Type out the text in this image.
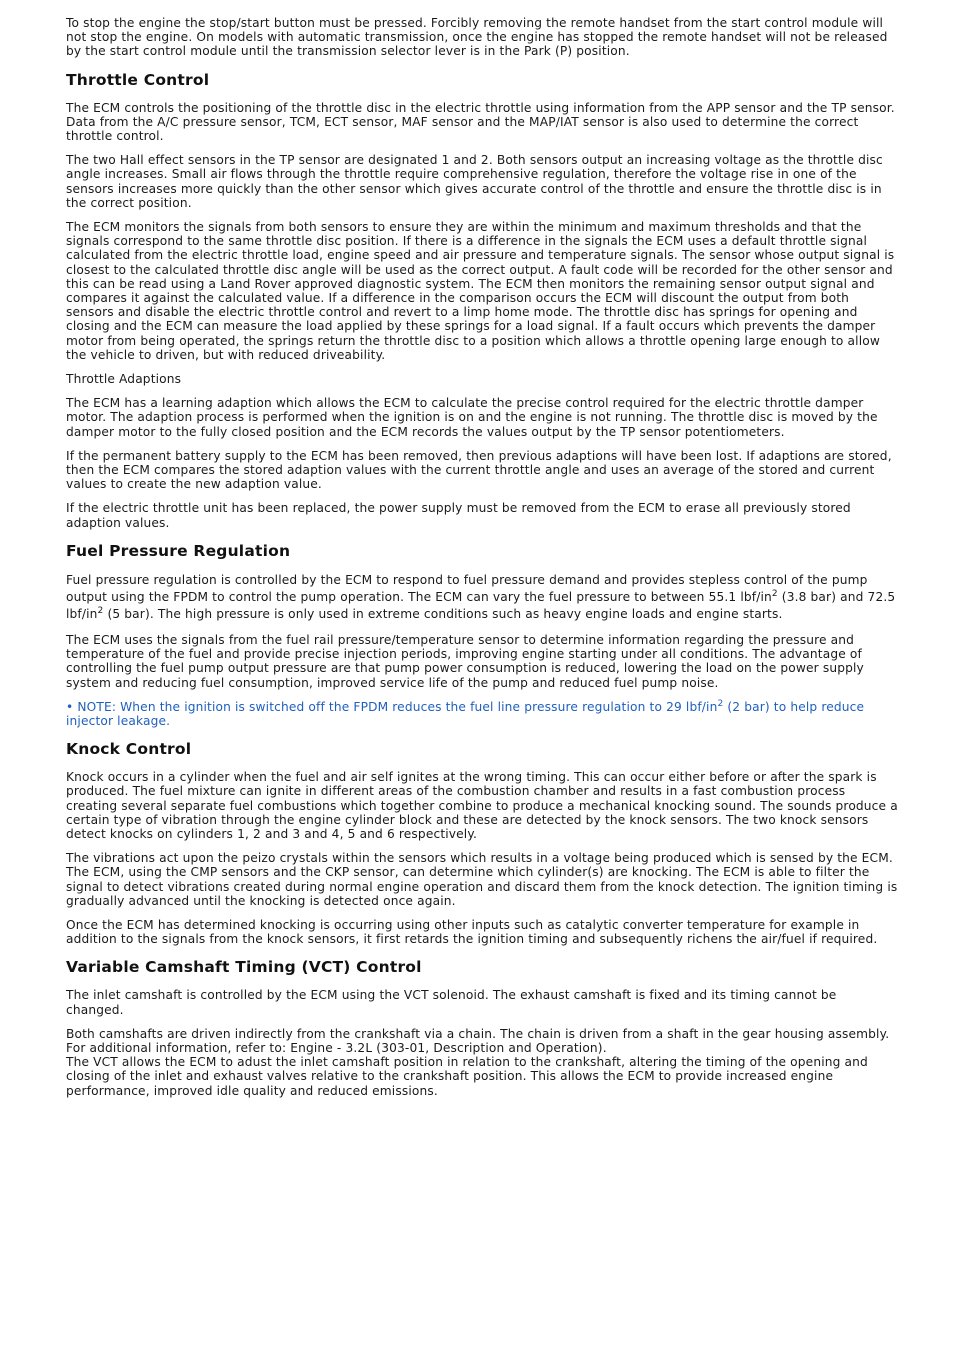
To stop the engine the stop/start button must be pressed. Forcibly removing the remote handset from the start control module will not stop the engine. On models with automatic transmission, once the engine has stopped the remote handset will not be released by the start control module until the transmission selector lever is in the Park (P) position.

Throttle Control

The ECM controls the positioning of the throttle disc in the electric throttle using information from the APP sensor and the TP sensor. Data from the A/C pressure sensor, TCM, ECT sensor, MAF sensor and the MAP/IAT sensor is also used to determine the correct throttle control.

The two Hall effect sensors in the TP sensor are designated 1 and 2. Both sensors output an increasing voltage as the throttle disc angle increases. Small air flows through the throttle require comprehensive regulation, therefore the voltage rise in one of the sensors increases more quickly than the other sensor which gives accurate control of the throttle and ensure the throttle disc is in the correct position.

The ECM monitors the signals from both sensors to ensure they are within the minimum and maximum thresholds and that the signals correspond to the same throttle disc position. If there is a difference in the signals the ECM uses a default throttle signal calculated from the electric throttle load, engine speed and air pressure and temperature signals. The sensor whose output signal is closest to the calculated throttle disc angle will be used as the correct output. A fault code will be recorded for the other sensor and this can be read using a Land Rover approved diagnostic system. The ECM then monitors the remaining sensor output signal and compares it against the calculated value. If a difference in the comparison occurs the ECM will discount the output from both sensors and disable the electric throttle control and revert to a limp home mode. The throttle disc has springs for opening and closing and the ECM can measure the load applied by these springs for a load signal. If a fault occurs which prevents the damper motor from being operated, the springs return the throttle disc to a position which allows a throttle opening large enough to allow the vehicle to driven, but with reduced driveability.

Throttle Adaptions

The ECM has a learning adaption which allows the ECM to calculate the precise control required for the electric throttle damper motor. The adaption process is performed when the ignition is on and the engine is not running. The throttle disc is moved by the damper motor to the fully closed position and the ECM records the values output by the TP sensor potentiometers.

If the permanent battery supply to the ECM has been removed, then previous adaptions will have been lost. If adaptions are stored, then the ECM compares the stored adaption values with the current throttle angle and uses an average of the stored and current values to create the new adaption value.

If the electric throttle unit has been replaced, the power supply must be removed from the ECM to erase all previously stored adaption values.

Fuel Pressure Regulation

Fuel pressure regulation is controlled by the ECM to respond to fuel pressure demand and provides stepless control of the pump output using the FPDM to control the pump operation. The ECM can vary the fuel pressure to between 55.1 lbf/$in^2$ (3.8 bar) and 72.5 lbf/$in^2$ (5 bar). The high pressure is only used in extreme conditions such as heavy engine loads and engine starts.

The ECM uses the signals from the fuel rail pressure/temperature sensor to determine information regarding the pressure and temperature of the fuel and provide precise injection periods, improving engine starting under all conditions. The advantage of controlling the fuel pump output pressure are that pump power consumption is reduced, lowering the load on the power supply system and reducing fuel consumption, improved service life of the pump and reduced fuel pump noise.

• NOTE: When the ignition is switched off the FPDM reduces the fuel line pressure regulation to 29 lbf/$in^2$ (2 bar) to help reduce injector leakage.

Knock Control

Knock occurs in a cylinder when the fuel and air self ignites at the wrong timing. This can occur either before or after the spark is produced. The fuel mixture can ignite in different areas of the combustion chamber and results in a fast combustion process creating several separate fuel combustions which together combine to produce a mechanical knocking sound. The sounds produce a certain type of vibration through the engine cylinder block and these are detected by the knock sensors. The two knock sensors detect knocks on cylinders 1, 2 and 3 and 4, 5 and 6 respectively.

The vibrations act upon the peizo crystals within the sensors which results in a voltage being produced which is sensed by the ECM. The ECM, using the CMP sensors and the CKP sensor, can determine which cylinder(s) are knocking. The ECM is able to filter the signal to detect vibrations created during normal engine operation and discard them from the knock detection. The ignition timing is gradually advanced until the knocking is detected once again.

Once the ECM has determined knocking is occurring using other inputs such as catalytic converter temperature for example in addition to the signals from the knock sensors, it first retards the ignition timing and subsequently richens the air/fuel if required.

Variable Camshaft Timing (VCT) Control

The inlet camshaft is controlled by the ECM using the VCT solenoid. The exhaust camshaft is fixed and its timing cannot be changed.

Both camshafts are driven indirectly from the crankshaft via a chain. The chain is driven from a shaft in the gear housing assembly.
For additional information, refer to: Engine - 3.2L (303-01, Description and Operation).
The VCT allows the ECM to adust the inlet camshaft position in relation to the crankshaft, altering the timing of the opening and closing of the inlet and exhaust valves relative to the crankshaft position. This allows the ECM to provide increased engine performance, improved idle quality and reduced emissions.
